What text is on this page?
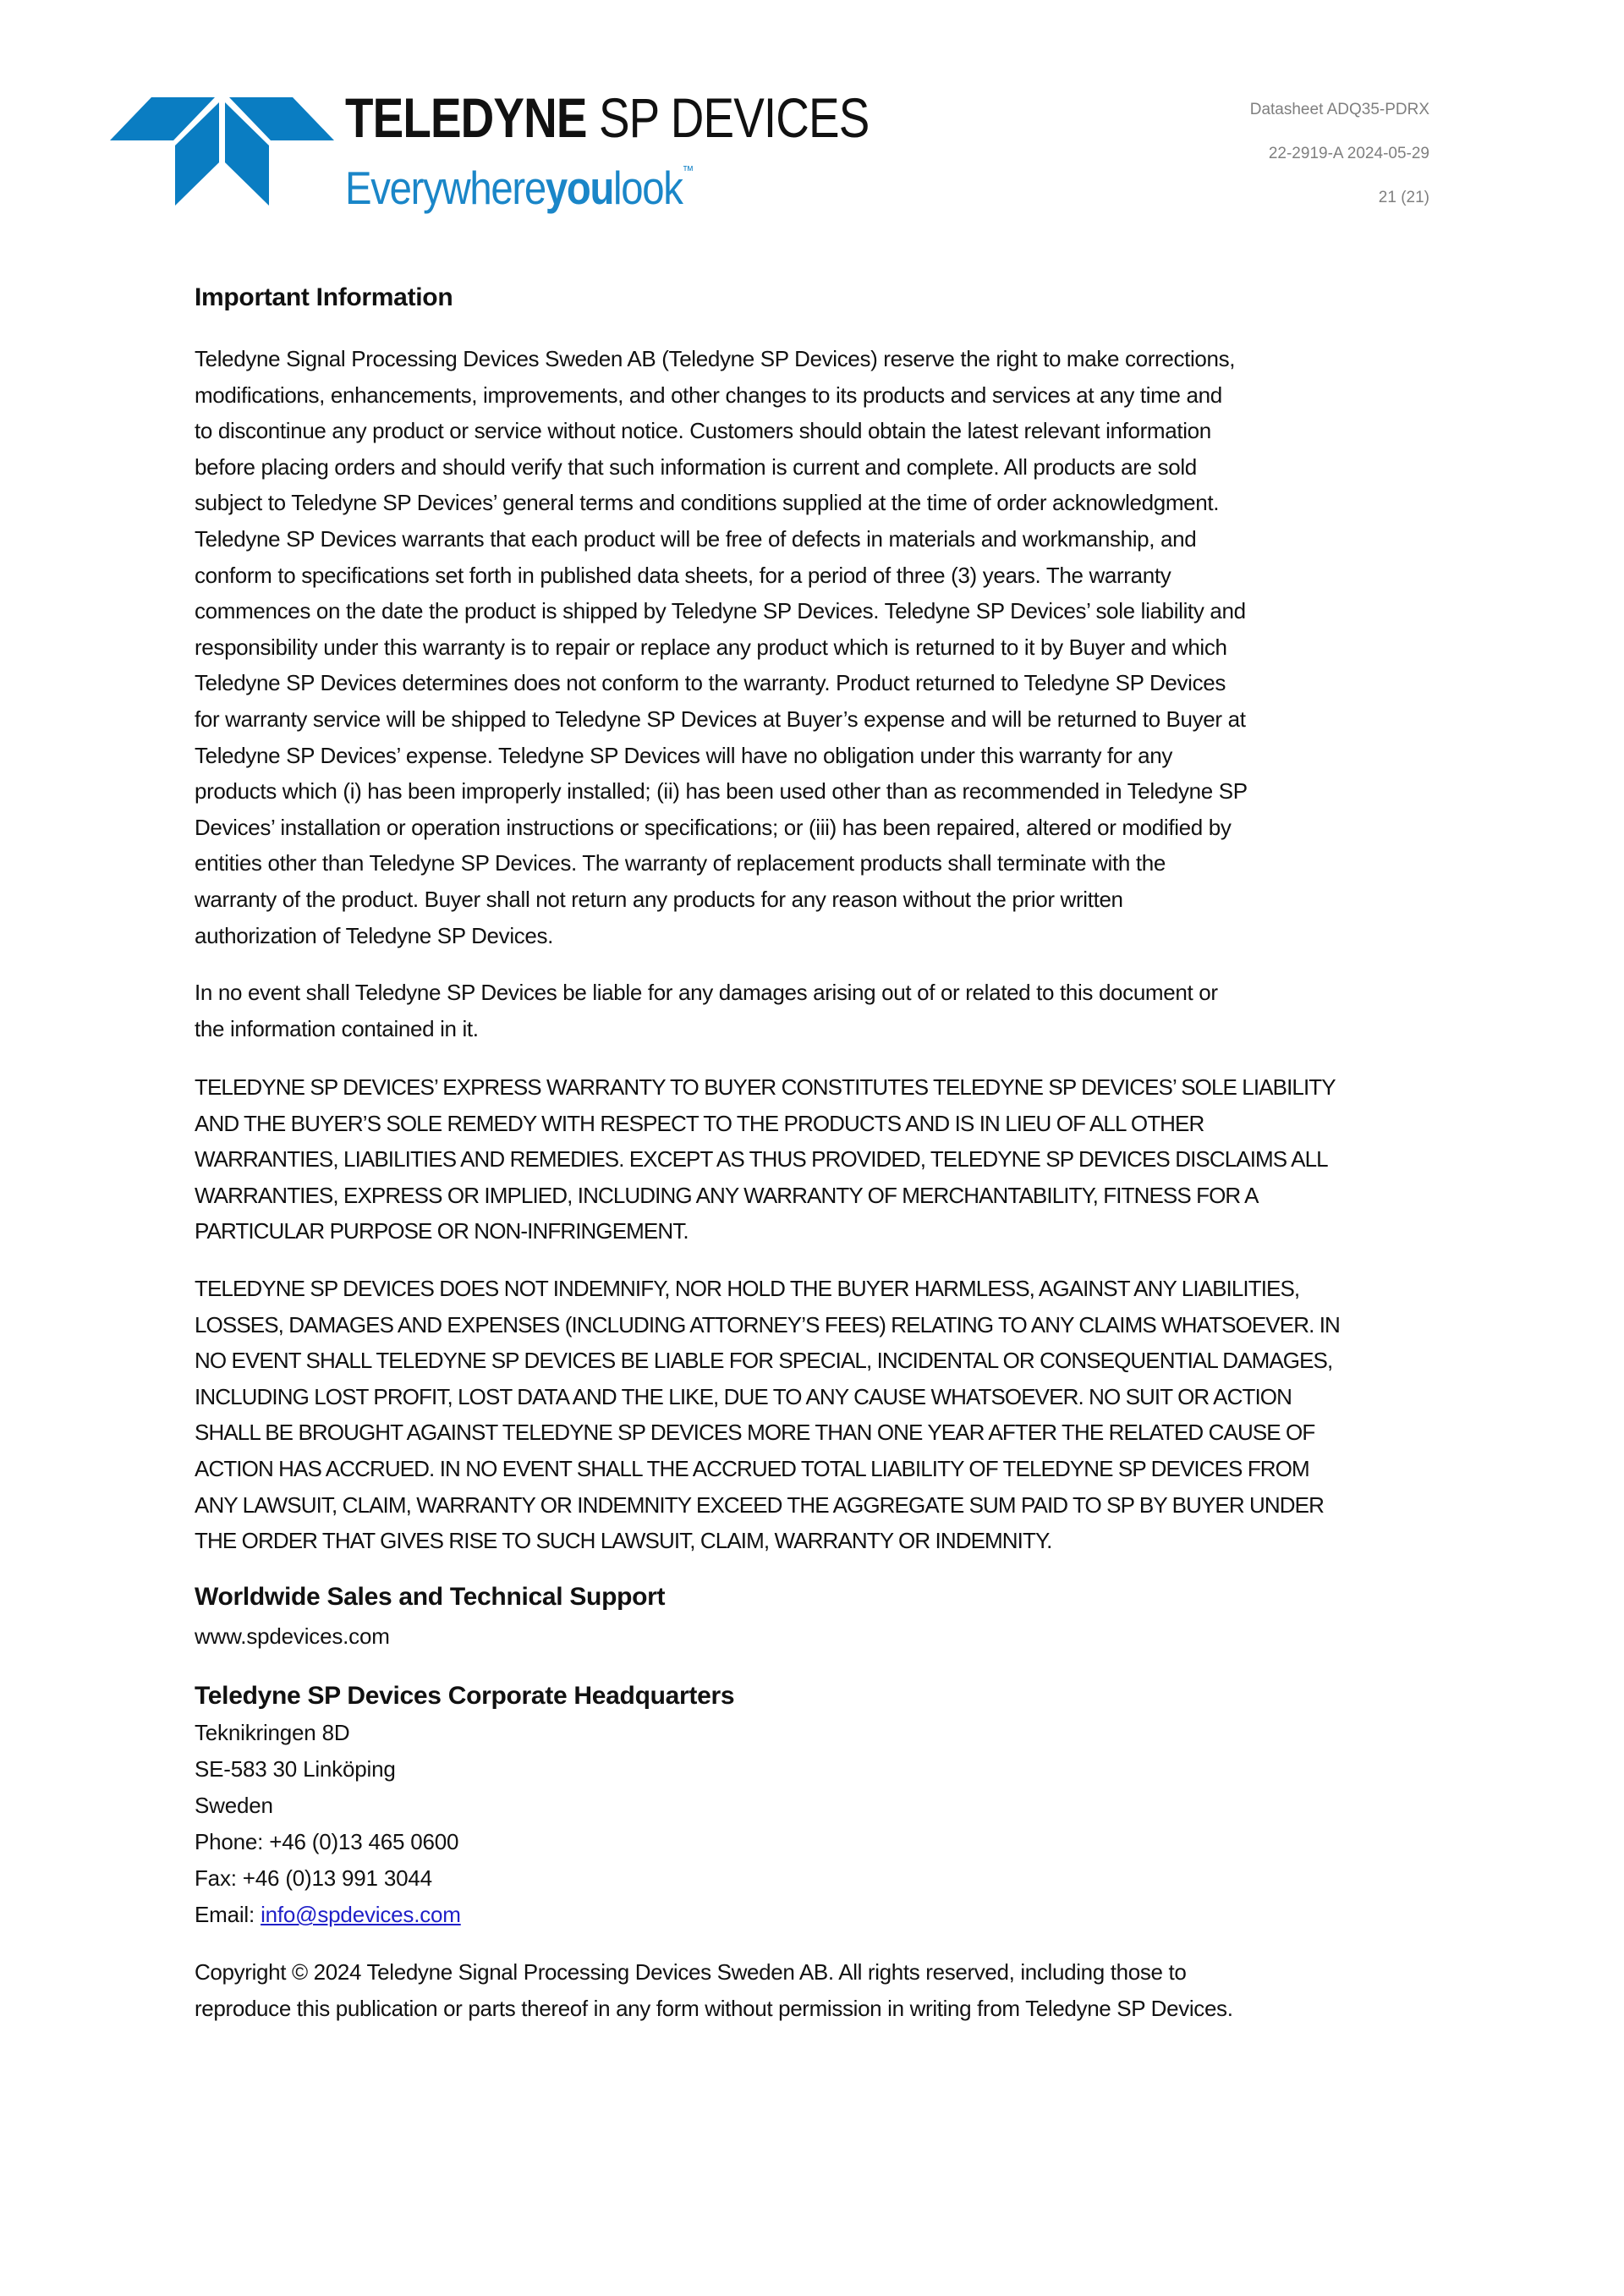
TELEDYNE SP DEVICES
Everywhereyoulook™
Datasheet ADQ35-PDRX
22-2919-A 2024-05-29
21 (21)
Important Information
Teledyne Signal Processing Devices Sweden AB (Teledyne SP Devices) reserve the right to make corrections,
modifications, enhancements, improvements, and other changes to its products and services at any time and
to discontinue any product or service without notice. Customers should obtain the latest relevant information
before placing orders and should verify that such information is current and complete. All products are sold
subject to Teledyne SP Devices’ general terms and conditions supplied at the time of order acknowledgment.
Teledyne SP Devices warrants that each product will be free of defects in materials and workmanship, and
conform to specifications set forth in published data sheets, for a period of three (3) years. The warranty
commences on the date the product is shipped by Teledyne SP Devices. Teledyne SP Devices’ sole liability and
responsibility under this warranty is to repair or replace any product which is returned to it by Buyer and which
Teledyne SP Devices determines does not conform to the warranty. Product returned to Teledyne SP Devices
for warranty service will be shipped to Teledyne SP Devices at Buyer’s expense and will be returned to Buyer at
Teledyne SP Devices’ expense. Teledyne SP Devices will have no obligation under this warranty for any
products which (i) has been improperly installed; (ii) has been used other than as recommended in Teledyne SP
Devices’ installation or operation instructions or specifications; or (iii) has been repaired, altered or modified by
entities other than Teledyne SP Devices. The warranty of replacement products shall terminate with the
warranty of the product. Buyer shall not return any products for any reason without the prior written
authorization of Teledyne SP Devices.
In no event shall Teledyne SP Devices be liable for any damages arising out of or related to this document or
the information contained in it.
TELEDYNE SP DEVICES’ EXPRESS WARRANTY TO BUYER CONSTITUTES TELEDYNE SP DEVICES’ SOLE LIABILITY
AND THE BUYER’S SOLE REMEDY WITH RESPECT TO THE PRODUCTS AND IS IN LIEU OF ALL OTHER
WARRANTIES, LIABILITIES AND REMEDIES. EXCEPT AS THUS PROVIDED, TELEDYNE SP DEVICES DISCLAIMS ALL
WARRANTIES, EXPRESS OR IMPLIED, INCLUDING ANY WARRANTY OF MERCHANTABILITY, FITNESS FOR A
PARTICULAR PURPOSE OR NON-INFRINGEMENT.
TELEDYNE SP DEVICES DOES NOT INDEMNIFY, NOR HOLD THE BUYER HARMLESS, AGAINST ANY LIABILITIES,
LOSSES, DAMAGES AND EXPENSES (INCLUDING ATTORNEY’S FEES) RELATING TO ANY CLAIMS WHATSOEVER. IN
NO EVENT SHALL TELEDYNE SP DEVICES BE LIABLE FOR SPECIAL, INCIDENTAL OR CONSEQUENTIAL DAMAGES,
INCLUDING LOST PROFIT, LOST DATA AND THE LIKE, DUE TO ANY CAUSE WHATSOEVER. NO SUIT OR ACTION
SHALL BE BROUGHT AGAINST TELEDYNE SP DEVICES MORE THAN ONE YEAR AFTER THE RELATED CAUSE OF
ACTION HAS ACCRUED. IN NO EVENT SHALL THE ACCRUED TOTAL LIABILITY OF TELEDYNE SP DEVICES FROM
ANY LAWSUIT, CLAIM, WARRANTY OR INDEMNITY EXCEED THE AGGREGATE SUM PAID TO SP BY BUYER UNDER
THE ORDER THAT GIVES RISE TO SUCH LAWSUIT, CLAIM, WARRANTY OR INDEMNITY.
Worldwide Sales and Technical Support
www.spdevices.com
Teledyne SP Devices Corporate Headquarters
Teknikringen 8D
SE-583 30 Linköping
Sweden
Phone: +46 (0)13 465 0600
Fax: +46 (0)13 991 3044
Email: info@spdevices.com
Copyright © 2024 Teledyne Signal Processing Devices Sweden AB. All rights reserved, including those to
reproduce this publication or parts thereof in any form without permission in writing from Teledyne SP Devices.
